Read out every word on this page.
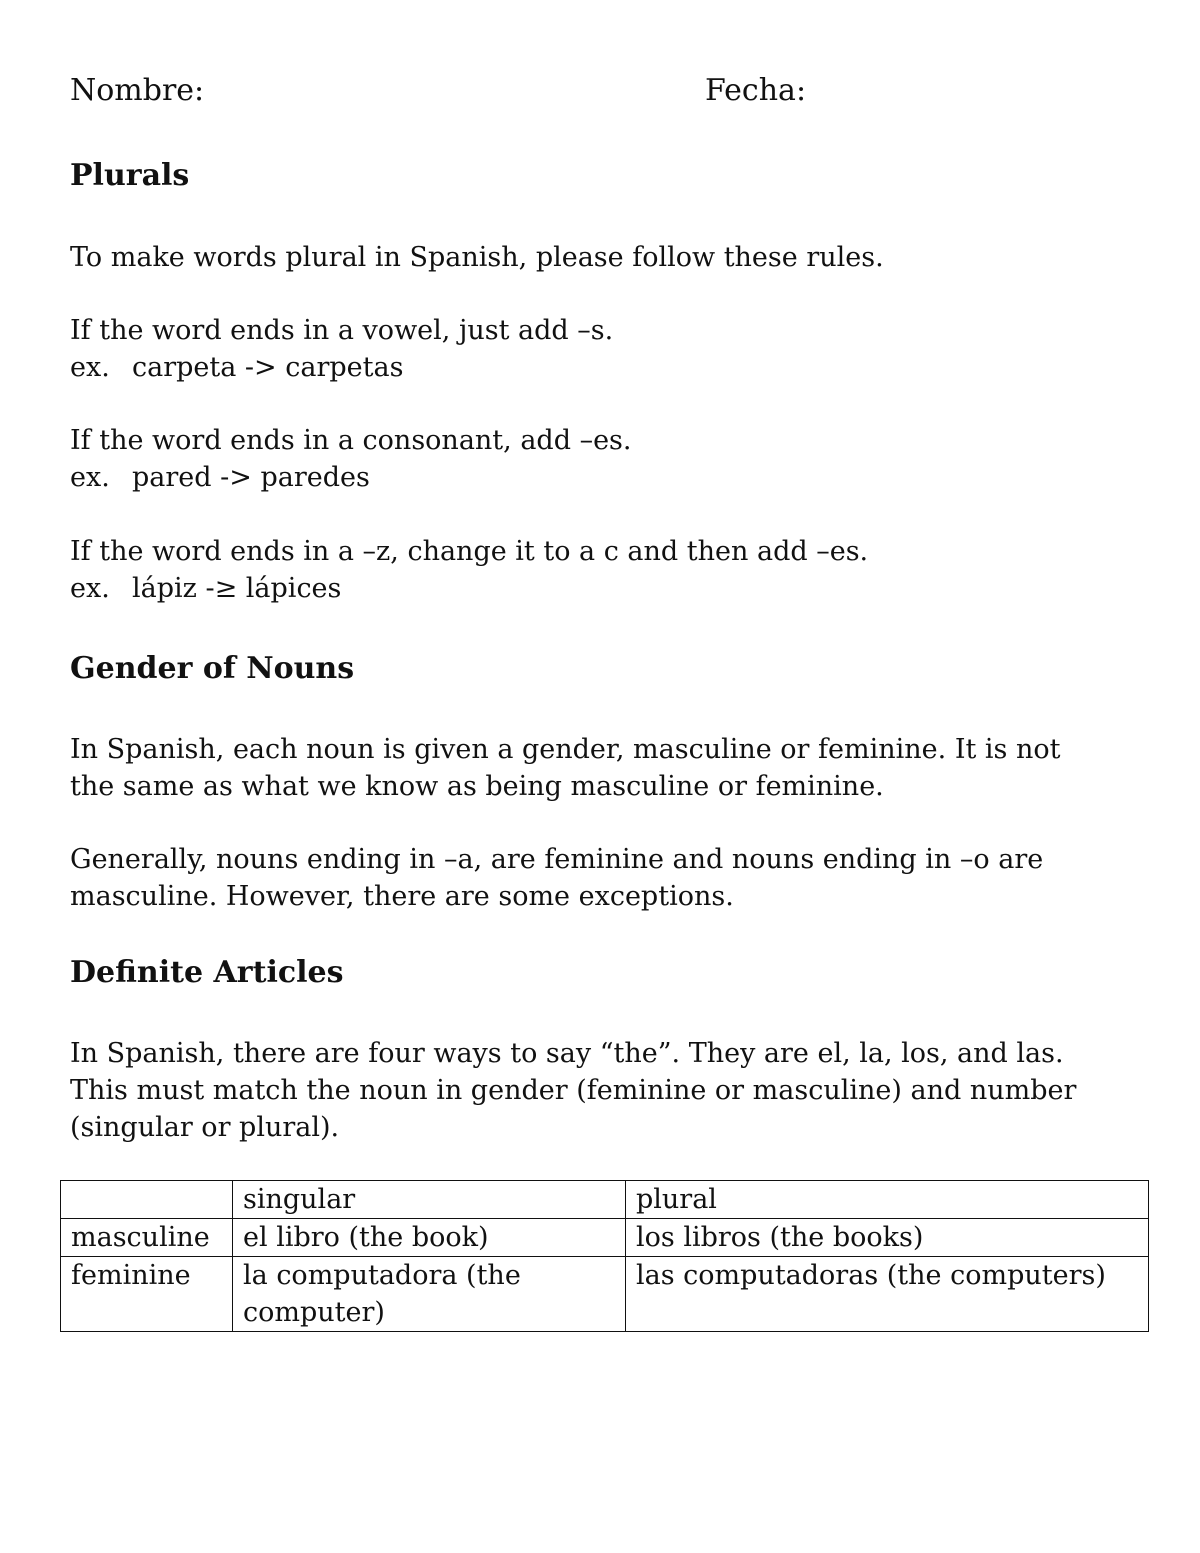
Nombre:	Fecha:
Plurals
To make words plural in Spanish, please follow these rules.
If the word ends in a vowel, just add –s.
ex. carpeta -> carpetas
If the word ends in a consonant, add –es.
ex. pared -> paredes
If the word ends in a –z, change it to a c and then add –es.
ex. lápiz -≥ lápices
Gender of Nouns
In Spanish, each noun is given a gender, masculine or feminine. It is not
the same as what we know as being masculine or feminine.
Generally, nouns ending in –a, are feminine and nouns ending in –o are
masculine. However, there are some exceptions.
Definite Articles
In Spanish, there are four ways to say “the”. They are el, la, los, and las.
This must match the noun in gender (feminine or masculine) and number
(singular or plural).
	singular	plural
masculine	el libro (the book)	los libros (the books)
feminine	la computadora (the computer)	las computadoras (the computers)
